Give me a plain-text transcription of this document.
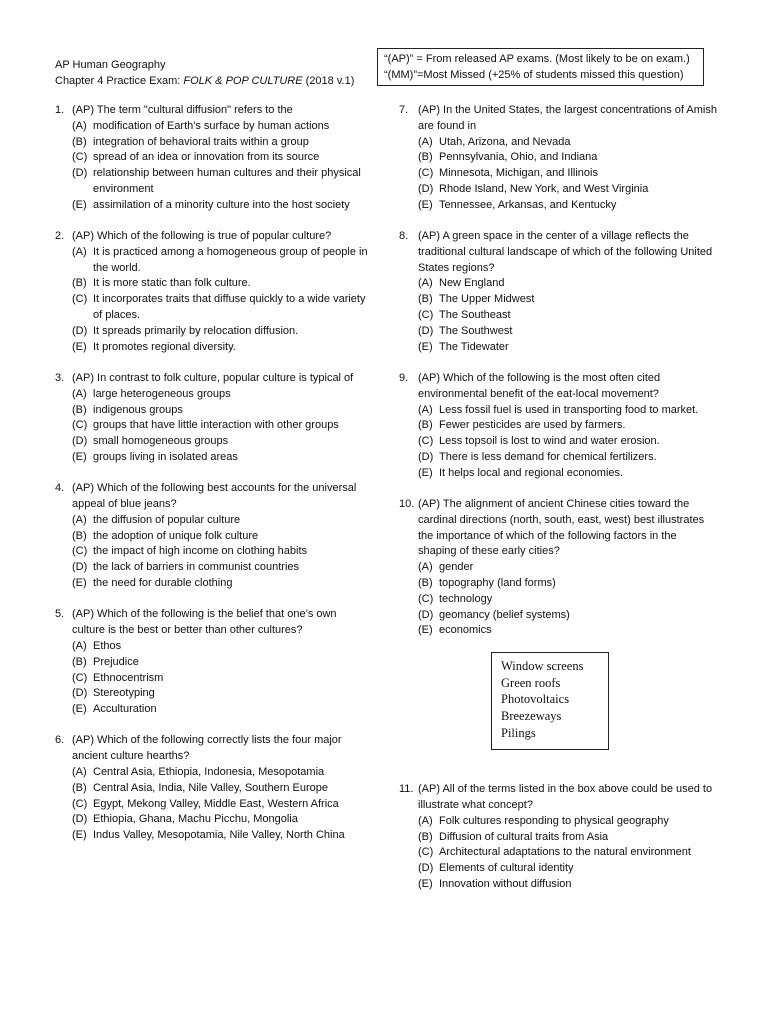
AP Human Geography
Chapter 4 Practice Exam: FOLK & POP CULTURE (2018 v.1)
“(AP)” = From released AP exams. (Most likely to be on exam.)
“(MM)”=Most Missed (+25% of students missed this question)
1. (AP) The term "cultural diffusion" refers to the
(A) modification of Earth's surface by human actions
(B) integration of behavioral traits within a group
(C) spread of an idea or innovation from its source
(D) relationship between human cultures and their physical environment
(E) assimilation of a minority culture into the host society
2. (AP) Which of the following is true of popular culture?
(A) It is practiced among a homogeneous group of people in the world.
(B) It is more static than folk culture.
(C) It incorporates traits that diffuse quickly to a wide variety of places.
(D) It spreads primarily by relocation diffusion.
(E) It promotes regional diversity.
3. (AP) In contrast to folk culture, popular culture is typical of
(A) large heterogeneous groups
(B) indigenous groups
(C) groups that have little interaction with other groups
(D) small homogeneous groups
(E) groups living in isolated areas
4. (AP) Which of the following best accounts for the universal appeal of blue jeans?
(A) the diffusion of popular culture
(B) the adoption of unique folk culture
(C) the impact of high income on clothing habits
(D) the lack of barriers in communist countries
(E) the need for durable clothing
5. (AP) Which of the following is the belief that one’s own culture is the best or better than other cultures?
(A) Ethos
(B) Prejudice
(C) Ethnocentrism
(D) Stereotyping
(E) Acculturation
6. (AP) Which of the following correctly lists the four major ancient culture hearths?
(A) Central Asia, Ethiopia, Indonesia, Mesopotamia
(B) Central Asia, India, Nile Valley, Southern Europe
(C) Egypt, Mekong Valley, Middle East, Western Africa
(D) Ethiopia, Ghana, Machu Picchu, Mongolia
(E) Indus Valley, Mesopotamia, Nile Valley, North China
7. (AP) In the United States, the largest concentrations of Amish are found in
(A) Utah, Arizona, and Nevada
(B) Pennsylvania, Ohio, and Indiana
(C) Minnesota, Michigan, and Illinois
(D) Rhode Island, New York, and West Virginia
(E) Tennessee, Arkansas, and Kentucky
8. (AP) A green space in the center of a village reflects the traditional cultural landscape of which of the following United States regions?
(A) New England
(B) The Upper Midwest
(C) The Southeast
(D) The Southwest
(E) The Tidewater
9. (AP) Which of the following is the most often cited environmental benefit of the eat-local movement?
(A) Less fossil fuel is used in transporting food to market.
(B) Fewer pesticides are used by farmers.
(C) Less topsoil is lost to wind and water erosion.
(D) There is less demand for chemical fertilizers.
(E) It helps local and regional economies.
10. (AP) The alignment of ancient Chinese cities toward the cardinal directions (north, south, east, west) best illustrates the importance of which of the following factors in the shaping of these early cities?
(A) gender
(B) topography (land forms)
(C) technology
(D) geomancy (belief systems)
(E) economics
Window screens
Green roofs
Photovoltaics
Breezeways
Pilings
11. (AP) All of the terms listed in the box above could be used to illustrate what concept?
(A) Folk cultures responding to physical geography
(B) Diffusion of cultural traits from Asia
(C) Architectural adaptations to the natural environment
(D) Elements of cultural identity
(E) Innovation without diffusion
